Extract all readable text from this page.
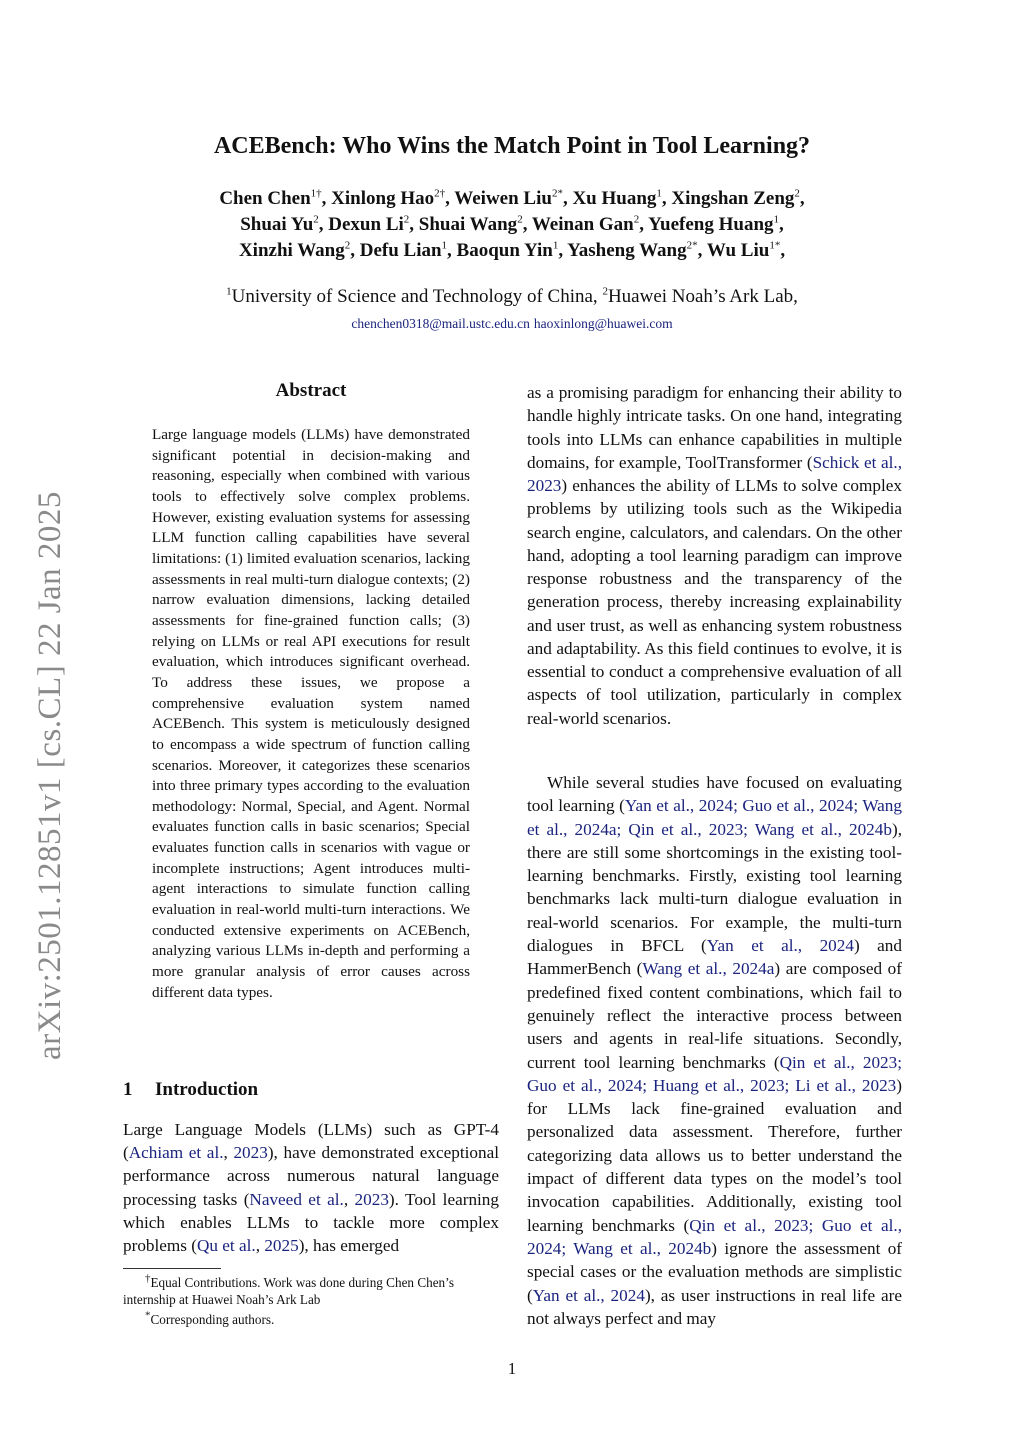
ACEBench: Who Wins the Match Point in Tool Learning?
Chen Chen$^{1\dagger}$, Xinlong Hao$^{2\dagger}$, Weiwen Liu$^{2*}$, Xu Huang$^1$, Xingshan Zeng$^2$,
Shuai Yu$^2$, Dexun Li$^2$, Shuai Wang$^2$, Weinan Gan$^2$, Yuefeng Huang$^1$,
Xinzhi Wang$^2$, Defu Lian$^1$, Baoqun Yin$^1$, Yasheng Wang$^{2*}$, Wu Liu$^{1*}$,
$^1$University of Science and Technology of China, $^2$Huawei Noah’s Ark Lab,
chenchen0318@mail.ustc.edu.cn haoxinlong@huawei.com
arXiv:2501.12851v1 [cs.CL] 22 Jan 2025
Abstract
Large language models (LLMs) have demonstrated significant potential in decision-making and reasoning, especially when combined with various tools to effectively solve complex problems. However, existing evaluation systems for assessing LLM function calling capabilities have several limitations: (1) limited evaluation scenarios, lacking assessments in real multi-turn dialogue contexts; (2) narrow evaluation dimensions, lacking detailed assessments for fine-grained function calls; (3) relying on LLMs or real API executions for result evaluation, which introduces significant overhead. To address these issues, we propose a comprehensive evaluation system named ACEBench. This system is meticulously designed to encompass a wide spectrum of function calling scenarios. Moreover, it categorizes these scenarios into three primary types according to the evaluation methodology: Normal, Special, and Agent. Normal evaluates function calls in basic scenarios; Special evaluates function calls in scenarios with vague or incomplete instructions; Agent introduces multi-agent interactions to simulate function calling evaluation in real-world multi-turn interactions. We conducted extensive experiments on ACEBench, analyzing various LLMs in-depth and performing a more granular analysis of error causes across different data types.
1 Introduction
Large Language Models (LLMs) such as GPT-4 (Achiam et al., 2023), have demonstrated exceptional performance across numerous natural language processing tasks (Naveed et al., 2023). Tool learning which enables LLMs to tackle more complex problems (Qu et al., 2025), has emerged
†Equal Contributions. Work was done during Chen Chen’s internship at Huawei Noah’s Ark Lab
*Corresponding authors.
as a promising paradigm for enhancing their ability to handle highly intricate tasks. On one hand, integrating tools into LLMs can enhance capabilities in multiple domains, for example, ToolTransformer (Schick et al., 2023) enhances the ability of LLMs to solve complex problems by utilizing tools such as the Wikipedia search engine, calculators, and calendars. On the other hand, adopting a tool learning paradigm can improve response robustness and the transparency of the generation process, thereby increasing explainability and user trust, as well as enhancing system robustness and adaptability. As this field continues to evolve, it is essential to conduct a comprehensive evaluation of all aspects of tool utilization, particularly in complex real-world scenarios.
While several studies have focused on evaluating tool learning (Yan et al., 2024; Guo et al., 2024; Wang et al., 2024a; Qin et al., 2023; Wang et al., 2024b), there are still some shortcomings in the existing tool-learning benchmarks. Firstly, existing tool learning benchmarks lack multi-turn dialogue evaluation in real-world scenarios. For example, the multi-turn dialogues in BFCL (Yan et al., 2024) and HammerBench (Wang et al., 2024a) are composed of predefined fixed content combinations, which fail to genuinely reflect the interactive process between users and agents in real-life situations. Secondly, current tool learning benchmarks (Qin et al., 2023; Guo et al., 2024; Huang et al., 2023; Li et al., 2023) for LLMs lack fine-grained evaluation and personalized data assessment. Therefore, further categorizing data allows us to better understand the impact of different data types on the model’s tool invocation capabilities. Additionally, existing tool learning benchmarks (Qin et al., 2023; Guo et al., 2024; Wang et al., 2024b) ignore the assessment of special cases or the evaluation methods are simplistic (Yan et al., 2024), as user instructions in real life are not always perfect and may
1
